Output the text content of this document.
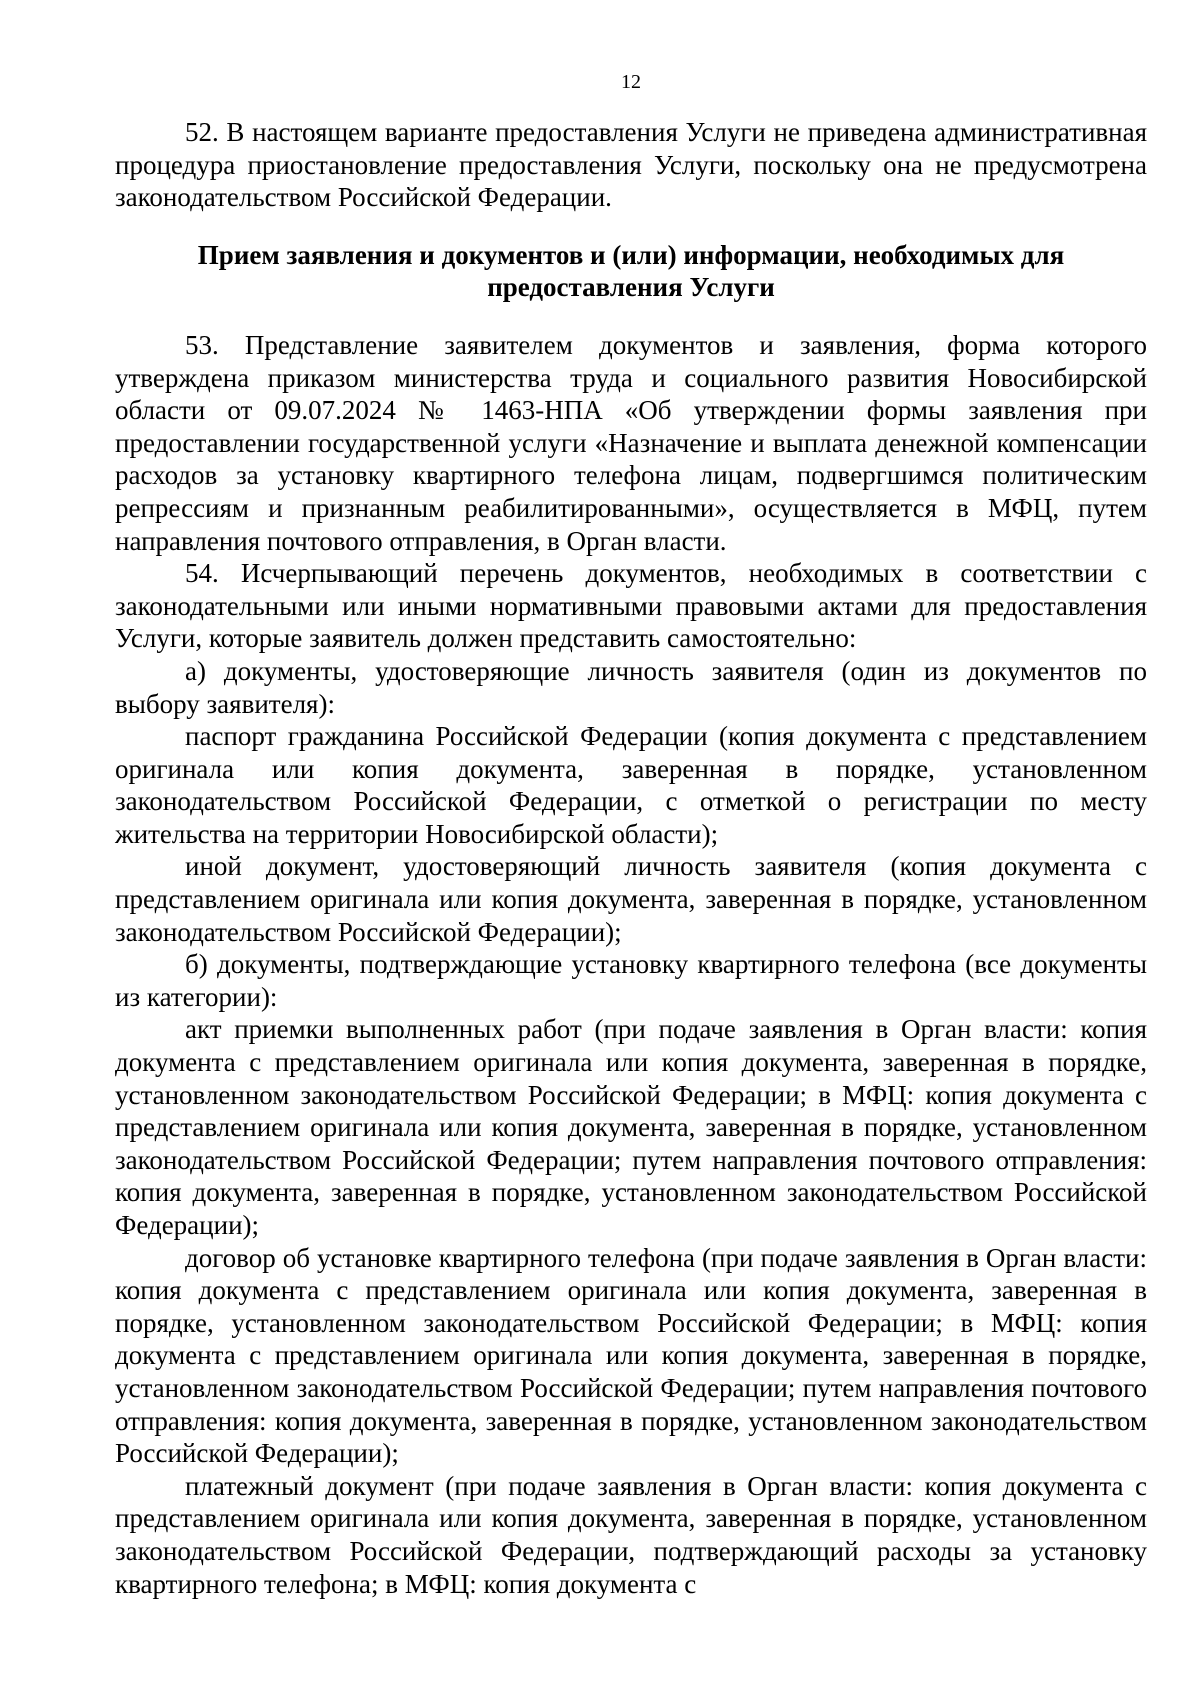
12

52. В настоящем варианте предоставления Услуги не приведена административная процедура приостановление предоставления Услуги, поскольку она не предусмотрена законодательством Российской Федерации.

Прием заявления и документов и (или) информации, необходимых для предоставления Услуги

53. Представление заявителем документов и заявления, форма которого утверждена приказом министерства труда и социального развития Новосибирской области от 09.07.2024 № 1463-НПА «Об утверждении формы заявления при предоставлении государственной услуги «Назначение и выплата денежной компенсации расходов за установку квартирного телефона лицам, подвергшимся политическим репрессиям и признанным реабилитированными», осуществляется в МФЦ, путем направления почтового отправления, в Орган власти.

54. Исчерпывающий перечень документов, необходимых в соответствии с законодательными или иными нормативными правовыми актами для предоставления Услуги, которые заявитель должен представить самостоятельно:

а) документы, удостоверяющие личность заявителя (один из документов по выбору заявителя):

паспорт гражданина Российской Федерации (копия документа с представлением оригинала или копия документа, заверенная в порядке, установленном законодательством Российской Федерации, с отметкой о регистрации по месту жительства на территории Новосибирской области);

иной документ, удостоверяющий личность заявителя (копия документа с представлением оригинала или копия документа, заверенная в порядке, установленном законодательством Российской Федерации);

б) документы, подтверждающие установку квартирного телефона (все документы из категории):

акт приемки выполненных работ (при подаче заявления в Орган власти: копия документа с представлением оригинала или копия документа, заверенная в порядке, установленном законодательством Российской Федерации; в МФЦ: копия документа с представлением оригинала или копия документа, заверенная в порядке, установленном законодательством Российской Федерации; путем направления почтового отправления: копия документа, заверенная в порядке, установленном законодательством Российской Федерации);

договор об установке квартирного телефона (при подаче заявления в Орган власти: копия документа с представлением оригинала или копия документа, заверенная в порядке, установленном законодательством Российской Федерации; в МФЦ: копия документа с представлением оригинала или копия документа, заверенная в порядке, установленном законодательством Российской Федерации; путем направления почтового отправления: копия документа, заверенная в порядке, установленном законодательством Российской Федерации);

платежный документ (при подаче заявления в Орган власти: копия документа с представлением оригинала или копия документа, заверенная в порядке, установленном законодательством Российской Федерации, подтверждающий расходы за установку квартирного телефона; в МФЦ: копия документа с
